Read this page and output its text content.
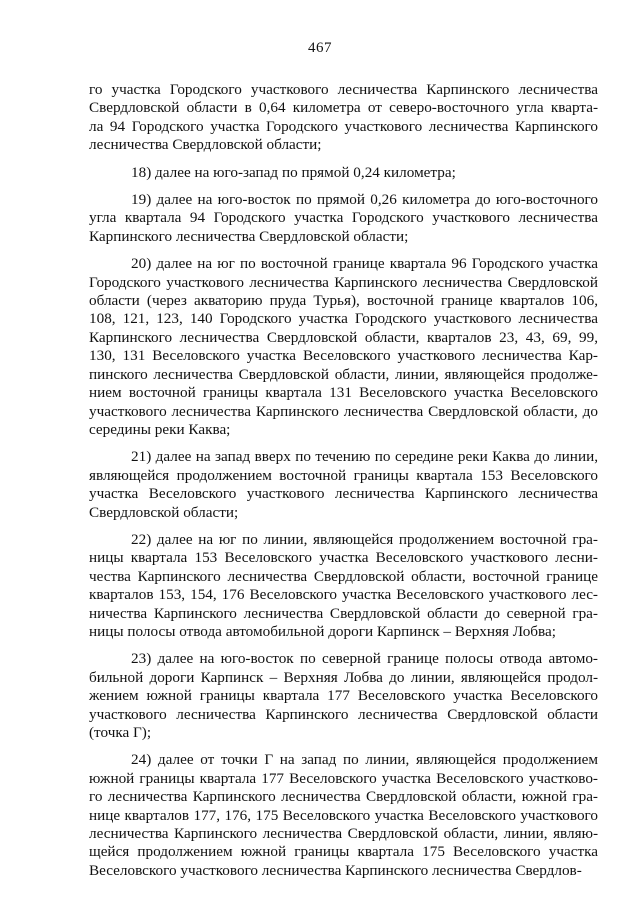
467
го участка Городского участкового лесничества Карпинского лесничества
Свердловской области в 0,64 километра от северо-восточного угла кварта-
ла 94 Городского участка Городского участкового лесничества Карпинского
лесничества Свердловской области;
18) далее на юго-запад по прямой 0,24 километра;
19) далее на юго-восток по прямой 0,26 километра до юго-восточного
угла квартала 94 Городского участка Городского участкового лесничества
Карпинского лесничества Свердловской области;
20) далее на юг по восточной границе квартала 96 Городского участка
Городского участкового лесничества Карпинского лесничества Свердловской
области (через акваторию пруда Турья), восточной границе кварталов 106,
108, 121, 123, 140 Городского участка Городского участкового лесничества
Карпинского лесничества Свердловской области, кварталов 23, 43, 69, 99,
130, 131 Веселовского участка Веселовского участкового лесничества Кар-
пинского лесничества Свердловской области, линии, являющейся продолже-
нием восточной границы квартала 131 Веселовского участка Веселовского
участкового лесничества Карпинского лесничества Свердловской области, до
середины реки Каква;
21) далее на запад вверх по течению по середине реки Каква до линии,
являющейся продолжением восточной границы квартала 153 Веселовского
участка Веселовского участкового лесничества Карпинского лесничества
Свердловской области;
22) далее на юг по линии, являющейся продолжением восточной гра-
ницы квартала 153 Веселовского участка Веселовского участкового лесни-
чества Карпинского лесничества Свердловской области, восточной границе
кварталов 153, 154, 176 Веселовского участка Веселовского участкового лес-
ничества Карпинского лесничества Свердловской области до северной гра-
ницы полосы отвода автомобильной дороги Карпинск – Верхняя Лобва;
23) далее на юго-восток по северной границе полосы отвода автомо-
бильной дороги Карпинск – Верхняя Лобва до линии, являющейся продол-
жением южной границы квартала 177 Веселовского участка Веселовского
участкового лесничества Карпинского лесничества Свердловской области
(точка Г);
24) далее от точки Г на запад по линии, являющейся продолжением
южной границы квартала 177 Веселовского участка Веселовского участково-
го лесничества Карпинского лесничества Свердловской области, южной гра-
нице кварталов 177, 176, 175 Веселовского участка Веселовского участкового
лесничества Карпинского лесничества Свердловской области, линии, являю-
щейся продолжением южной границы квартала 175 Веселовского участка
Веселовского участкового лесничества Карпинского лесничества Свердлов-
